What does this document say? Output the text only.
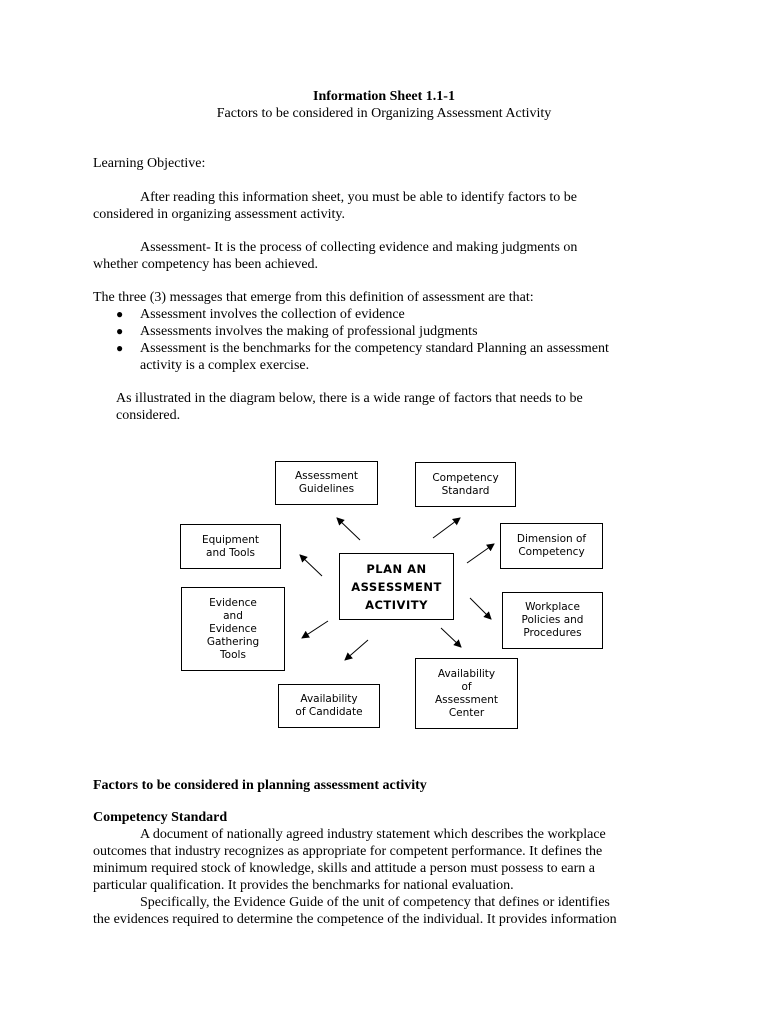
Information Sheet 1.1-1

Factors to be considered in Organizing Assessment Activity

Learning Objective:

After reading this information sheet, you must be able to identify factors to be

considered in organizing assessment activity.

Assessment- It is the process of collecting evidence and making judgments on

whether competency has been achieved.

The three (3) messages that emerge from this definition of assessment are that:

● Assessment involves the collection of evidence

● Assessments involves the making of professional judgments

● Assessment is the benchmarks for the competency standard Planning an assessment

activity is a complex exercise.

As illustrated in the diagram below, there is a wide range of factors that needs to be

considered.

PLAN AN
ASSESSMENT
ACTIVITY
Assessment
Guidelines
Competency
Standard
Equipment
and Tools
Dimension of
Competency
Evidence
and
Evidence
Gathering
Tools
Workplace
Policies and
Procedures
Availability
of Candidate
Availability
of
Assessment
Center

Factors to be considered in planning assessment activity

Competency Standard

A document of nationally agreed industry statement which describes the workplace

outcomes that industry recognizes as appropriate for competent performance. It defines the

minimum required stock of knowledge, skills and attitude a person must possess to earn a

particular qualification. It provides the benchmarks for national evaluation.

Specifically, the Evidence Guide of the unit of competency that defines or identifies

the evidences required to determine the competence of the individual. It provides information
